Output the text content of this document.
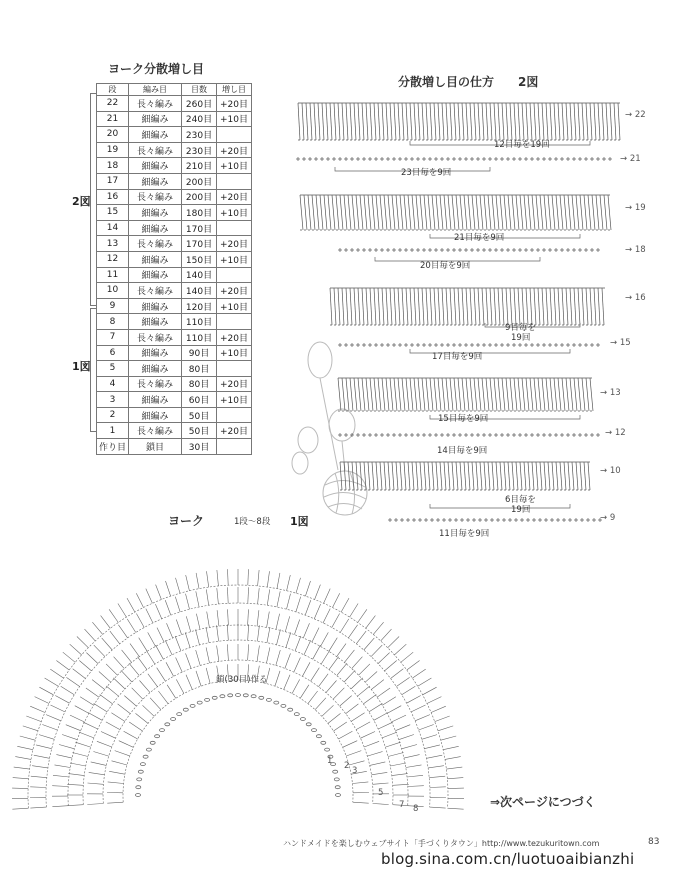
ヨーク分散増し目
段	編み目	目数	増し目
22	長々編み	260目	+20目
21	細編み	240目	+10目
20	細編み	230目	
19	長々編み	230目	+20目
18	細編み	210目	+10目
17	細編み	200目	
16	長々編み	200目	+20目
15	細編み	180目	+10目
14	細編み	170目	
13	長々編み	170目	+20目
12	細編み	150目	+10目
11	細編み	140目	
10	長々編み	140目	+20目
9	細編み	120目	+10目
8	細編み	110目	
7	長々編み	110目	+20目
6	細編み	90目	+10目
5	細編み	80目	
4	長々編み	80目	+20目
3	細編み	60目	+10目
2	細編み	50目	
1	長々編み	50目	+20目
作り目	鎖目	30目	
2図
1図
分散増し目の仕方 2図
→ 22
→ 21
→ 19
→ 18
→ 16
→ 15
→ 13
→ 12
→ 10
→ 9
12目毎を19回
23目毎を9回
21目毎を9回
20目毎を9回
9目毎を
19回
17目毎を9回
15目毎を9回
14目毎を9回
6目毎を
19回
11目毎を9回
ヨーク	1段〜8段 1図
鎖(30目)作る
1 2 3
5
7 8	⇒次ページにつづく
ハンドメイドを楽しむウェブサイト「手づくりタウン」http://www.tezukuritown.com	83
blog.sina.com.cn/luotuoaibianzhi
